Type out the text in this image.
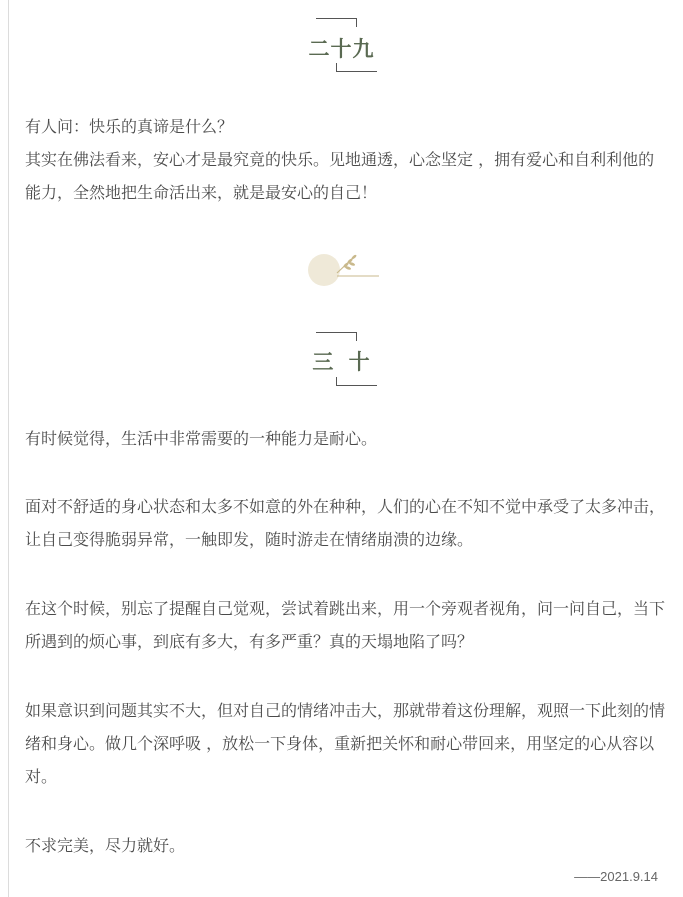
二十九

有人问：快乐的真谛是什么？

其实在佛法看来，安心才是最究竟的快乐。见地通透，心念坚定 ，拥有爱心和自利利他的能力，全然地把生命活出来，就是最安心的自己！

三 十

有时候觉得，生活中非常需要的一种能力是耐心。

面对不舒适的身心状态和太多不如意的外在种种，人们的心在不知不觉中承受了太多冲击，让自己变得脆弱异常，一触即发，随时游走在情绪崩溃的边缘。

在这个时候，别忘了提醒自己觉观，尝试着跳出来，用一个旁观者视角，问一问自己，当下所遇到的烦心事，到底有多大，有多严重？真的天塌地陷了吗？

如果意识到问题其实不大，但对自己的情绪冲击大，那就带着这份理解，观照一下此刻的情绪和身心。做几个深呼吸 ，放松一下身体，重新把关怀和耐心带回来，用坚定的心从容以对。

不求完美，尽力就好。

——2021.9.14
